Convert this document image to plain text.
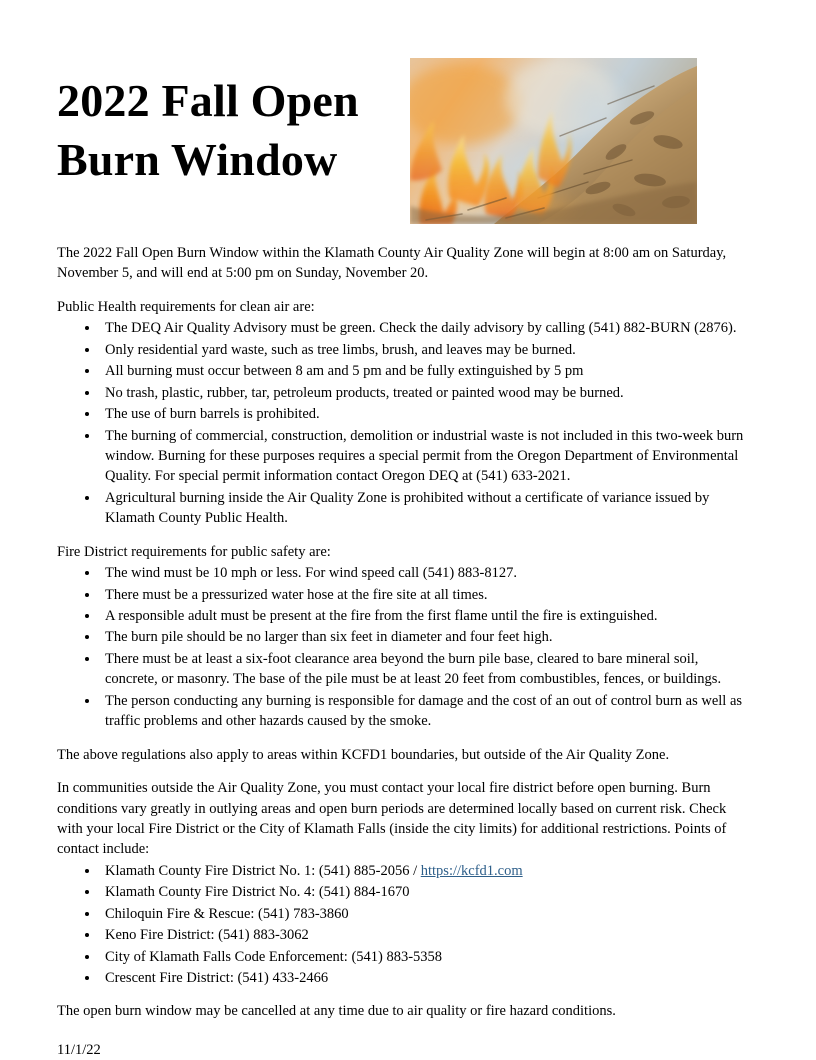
2022 Fall Open Burn Window

The 2022 Fall Open Burn Window within the Klamath County Air Quality Zone will begin at 8:00 am on Saturday, November 5, and will end at 5:00 pm on Sunday, November 20.

Public Health requirements for clean air are:

The DEQ Air Quality Advisory must be green. Check the daily advisory by calling (541) 882-BURN (2876).
Only residential yard waste, such as tree limbs, brush, and leaves may be burned.
All burning must occur between 8 am and 5 pm and be fully extinguished by 5 pm
No trash, plastic, rubber, tar, petroleum products, treated or painted wood may be burned.
The use of burn barrels is prohibited.
The burning of commercial, construction, demolition or industrial waste is not included in this two-week burn window. Burning for these purposes requires a special permit from the Oregon Department of Environmental Quality. For special permit information contact Oregon DEQ at (541) 633-2021.
Agricultural burning inside the Air Quality Zone is prohibited without a certificate of variance issued by Klamath County Public Health.

Fire District requirements for public safety are:

The wind must be 10 mph or less. For wind speed call (541) 883-8127.
There must be a pressurized water hose at the fire site at all times.
A responsible adult must be present at the fire from the first flame until the fire is extinguished.
The burn pile should be no larger than six feet in diameter and four feet high.
There must be at least a six-foot clearance area beyond the burn pile base, cleared to bare mineral soil, concrete, or masonry. The base of the pile must be at least 20 feet from combustibles, fences, or buildings.
The person conducting any burning is responsible for damage and the cost of an out of control burn as well as traffic problems and other hazards caused by the smoke.

The above regulations also apply to areas within KCFD1 boundaries, but outside of the Air Quality Zone.

In communities outside the Air Quality Zone, you must contact your local fire district before open burning. Burn conditions vary greatly in outlying areas and open burn periods are determined locally based on current risk. Check with your local Fire District or the City of Klamath Falls (inside the city limits) for additional restrictions. Points of contact include:

Klamath County Fire District No. 1: (541) 885-2056 / https://kcfd1.com
Klamath County Fire District No. 4: (541) 884-1670
Chiloquin Fire & Rescue: (541) 783-3860
Keno Fire District: (541) 883-3062
City of Klamath Falls Code Enforcement: (541) 883-5358
Crescent Fire District: (541) 433-2466

The open burn window may be cancelled at any time due to air quality or fire hazard conditions.

11/1/22
